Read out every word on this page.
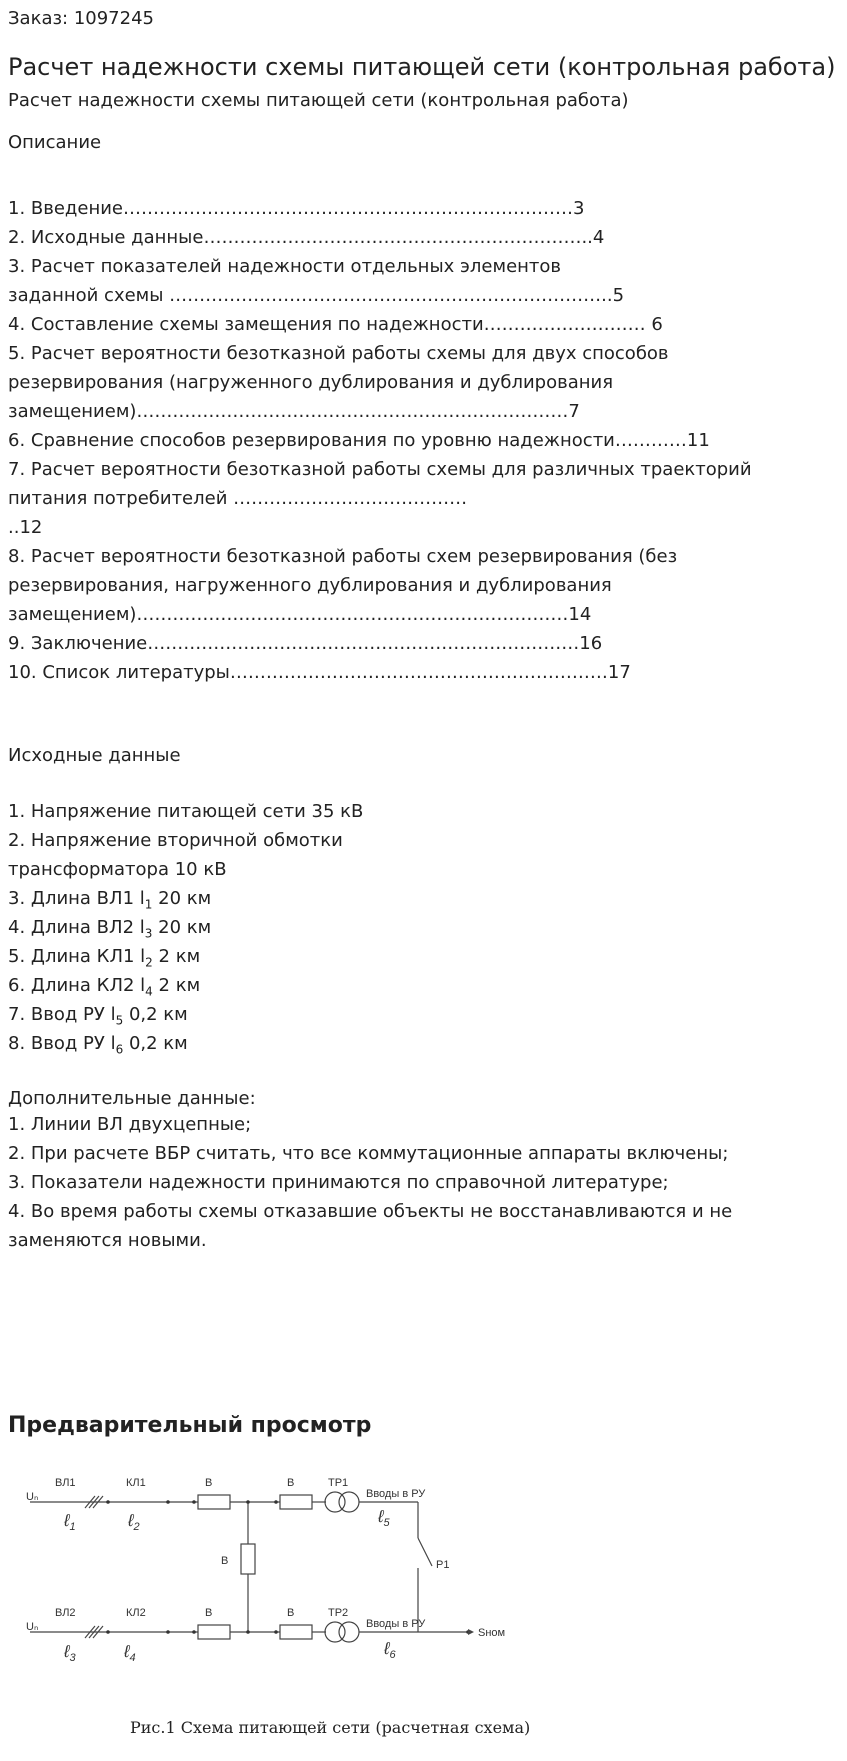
Заказ: 1097245

Расчет надежности схемы питающей сети (контрольная работа)

Расчет надежности схемы питающей сети (контрольная работа)

Описание

1. Введение…………………………………………………………………3
2. Исходные данные………………………………………………………..4
3. Расчет показателей надежности отдельных элементов
заданной схемы ………………………………………………………………..5
4. Составление схемы замещения по надежности……………………… 6
5. Расчет вероятности безотказной работы схемы для двух способов
резервирования (нагруженного дублирования и дублирования
замещением)………………………………………………………………7
6. Сравнение способов резервирования по уровню надежности…………11
7. Расчет вероятности безотказной работы схемы для различных траекторий
питания потребителей …………………………………
..12
8. Расчет вероятности безотказной работы схем резервирования (без
резервирования, нагруженного дублирования и дублирования
замещением)………………………………………………………………14
9. Заключение………………………………………………………………16
10. Список литературы………………………………………………………17

Исходные данные

1. Напряжение питающей сети 35 кВ
2. Напряжение вторичной обмотки
трансформатора 10 кВ
3. Длина ВЛ1 $l_1$ 20 км
4. Длина ВЛ2 $l_3$ 20 км
5. Длина КЛ1 $l_2$ 2 км
6. Длина КЛ2 $l_4$ 2 км
7. Ввод РУ $l_5$ 0,2 км
8. Ввод РУ $l_6$ 0,2 км

Дополнительные данные:

1. Линии ВЛ двухцепные;
2. При расчете ВБР считать, что все коммутационные аппараты включены;
3. Показатели надежности принимаются по справочной литературе;
4. Во время работы схемы отказавшие объекты не восстанавливаются и не
заменяются новыми.
Предварительный просмотр
Uₙ
Uₙ
ВЛ1	КЛ1
ВЛ2	КЛ2
В	В
В
В	В
ТР1
ТР2
Вводы в РУ
Вводы в РУ
Р1
Sном
ℓ$_1$	ℓ$_2$
ℓ$_3$	ℓ$_4$
ℓ$_5$
ℓ$_6$
Рис.1 Схема питающей сети (расчетная схема)
